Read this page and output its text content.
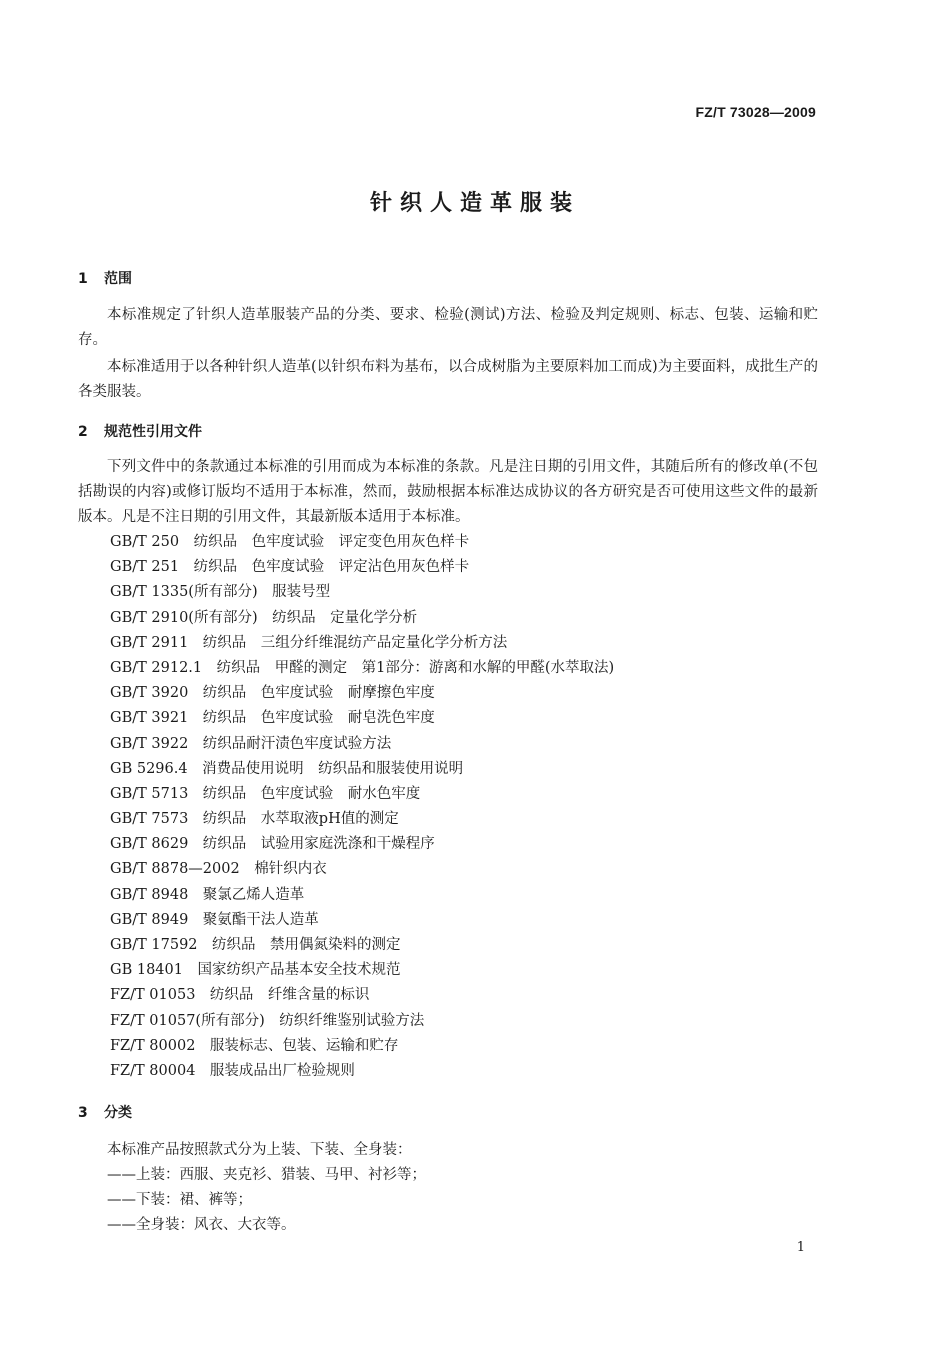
FZ/T 73028—2009
针织人造革服装
1 范围

本标准规定了针织人造革服装产品的分类、要求、检验(测试)方法、检验及判定规则、标志、包装、运输和贮存。

本标准适用于以各种针织人造革(以针织布料为基布，以合成树脂为主要原料加工而成)为主要面料，成批生产的各类服装。

2 规范性引用文件

下列文件中的条款通过本标准的引用而成为本标准的条款。凡是注日期的引用文件，其随后所有的修改单(不包括勘误的内容)或修订版均不适用于本标准，然而，鼓励根据本标准达成协议的各方研究是否可使用这些文件的最新版本。凡是不注日期的引用文件，其最新版本适用于本标准。

GB/T 250　纺织品　色牢度试验　评定变色用灰色样卡
GB/T 251　纺织品　色牢度试验　评定沾色用灰色样卡
GB/T 1335(所有部分)　服装号型
GB/T 2910(所有部分)　纺织品　定量化学分析
GB/T 2911　纺织品　三组分纤维混纺产品定量化学分析方法
GB/T 2912.1　纺织品　甲醛的测定　第1部分：游离和水解的甲醛(水萃取法)
GB/T 3920　纺织品　色牢度试验　耐摩擦色牢度
GB/T 3921　纺织品　色牢度试验　耐皂洗色牢度
GB/T 3922　纺织品耐汗渍色牢度试验方法
GB 5296.4　消费品使用说明　纺织品和服装使用说明
GB/T 5713　纺织品　色牢度试验　耐水色牢度
GB/T 7573　纺织品　水萃取液pH值的测定
GB/T 8629　纺织品　试验用家庭洗涤和干燥程序
GB/T 8878—2002　棉针织内衣
GB/T 8948　聚氯乙烯人造革
GB/T 8949　聚氨酯干法人造革
GB/T 17592　纺织品　禁用偶氮染料的测定
GB 18401　国家纺织产品基本安全技术规范
FZ/T 01053　纺织品　纤维含量的标识
FZ/T 01057(所有部分)　纺织纤维鉴别试验方法
FZ/T 80002　服装标志、包装、运输和贮存
FZ/T 80004　服装成品出厂检验规则
3 分类
本标准产品按照款式分为上装、下装、全身装：
——上装：西服、夹克衫、猎装、马甲、衬衫等；
——下装：裙、裤等；
——全身装：风衣、大衣等。
1
